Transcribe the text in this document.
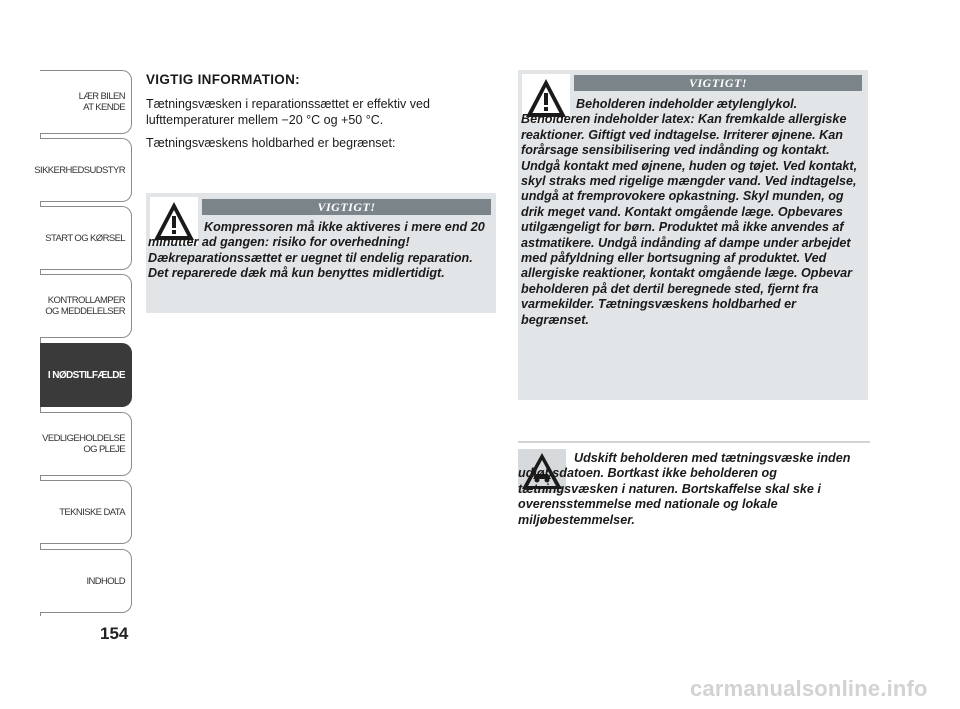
LÆR BILEN
AT KENDE
SIKKERHEDSUDSTYR
START OG KØRSEL
KONTROLLAMPER
OG MEDDELELSER
I NØDSTILFÆLDE
VEDLIGEHOLDELSE
OG PLEJE
TEKNISKE DATA
INDHOLD
154
VIGTIG INFORMATION:
Tætningsvæsken i reparationssættet er effektiv ved lufttemperaturer mellem −20 °C og +50 °C.
Tætningsvæskens holdbarhed er begrænset:
VIGTIGT!
Kompressoren må ikke aktiveres i mere end 20 minutter ad gangen: risiko for overhedning! Dækreparationssættet er uegnet til endelig reparation. Det reparerede dæk må kun benyttes midlertidigt.
VIGTIGT!
Beholderen indeholder ætylenglykol. Beholderen indeholder latex: Kan fremkalde allergiske reaktioner. Giftigt ved indtagelse. Irriterer øjnene. Kan forårsage sensibilisering ved indånding og kontakt. Undgå kontakt med øjnene, huden og tøjet. Ved kontakt, skyl straks med rigelige mængder vand. Ved indtagelse, undgå at fremprovokere opkastning. Skyl munden, og drik meget vand. Kontakt omgående læge. Opbevares utilgængeligt for børn. Produktet må ikke anvendes af astmatikere. Undgå indånding af dampe under arbejdet med påfyldning eller bortsugning af produktet. Ved allergiske reaktioner, kontakt omgående læge. Opbevar beholderen på det dertil beregnede sted, fjernt fra varmekilder. Tætningsvæskens holdbarhed er begrænset.
Udskift beholderen med tætningsvæske inden udløbsdatoen. Bortkast ikke beholderen og tætningsvæsken i naturen. Bortskaffelse skal ske i overensstemmelse med nationale og lokale miljøbestemmelser.
carmanualsonline.info
